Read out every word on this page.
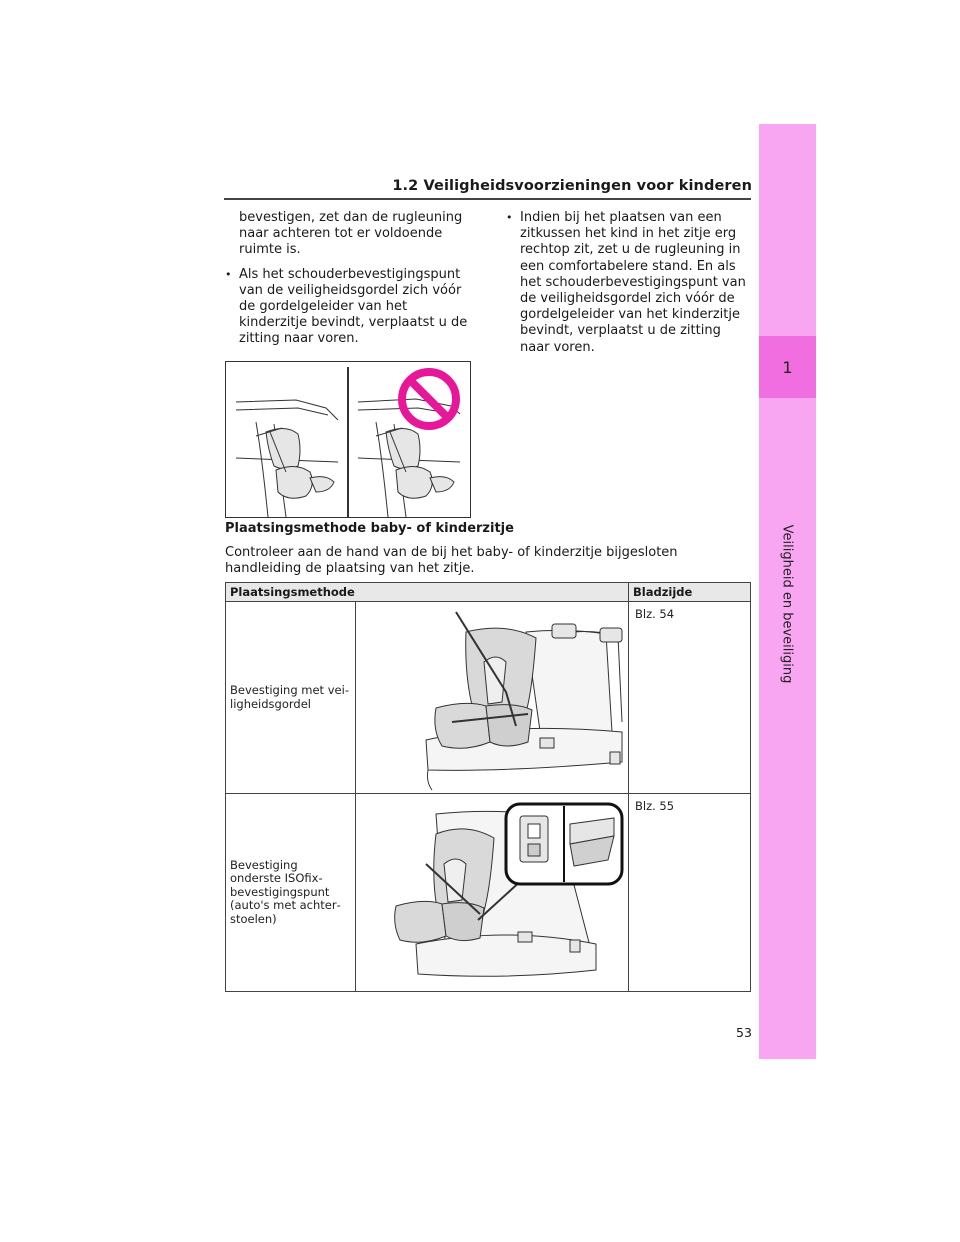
1
Veiligheid en beveiliging
1.2 Veiligheidsvoorzieningen voor kinderen

bevestigen, zet dan de rugleuning naar achteren tot er voldoende ruimte is.

• Als het schouderbevestigingspunt van de veiligheidsgordel zich vóór de gordelgeleider van het kinderzitje bevindt, verplaatst u de zitting naar voren.

• Indien bij het plaatsen van een zitkussen het kind in het zitje erg rechtop zit, zet u de rugleuning in een comfortabelere stand. En als het schouderbevestigingspunt van de veiligheidsgordel zich vóór de gordelgeleider van het kinderzitje bevindt, verplaatst u de zitting naar voren.

Plaatsingsmethode baby- of kinderzitje
Controleer aan de hand van de bij het baby- of kinderzitje bijgesloten handleiding de plaatsing van het zitje.
Plaatsingsmethode		Bladzijde
Bevestiging met veiligheidsgordel		Blz. 54
Bevestiging onderste ISOfix-bevestigingspunt (auto's met achterstoelen)		Blz. 55
53
